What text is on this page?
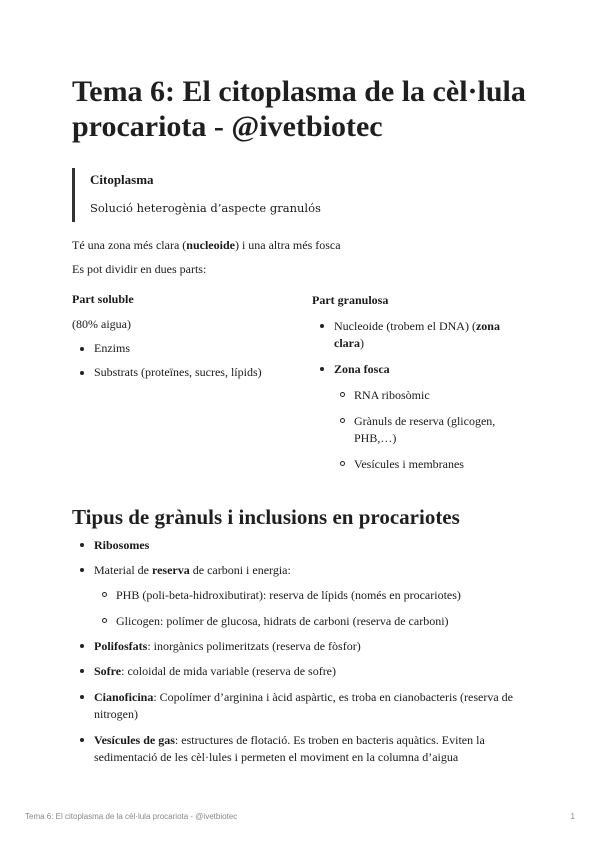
Tema 6: El citoplasma de la cèl·lula procariota - @ivetbiotec
Citoplasma
Solució heterogènia d’aspecte granulós
Té una zona més clara (nucleoide) i una altra més fosca
Es pot dividir en dues parts:
Part soluble
(80% aigua)
Enzims
Substrats (proteïnes, sucres, lípids)
Part granulosa
Nucleoide (trobem el DNA) (zona clara)
Zona fosca
RNA ribosòmic
Grànuls de reserva (glicogen, PHB,…)
Vesícules i membranes
Tipus de grànuls i inclusions en procariotes
Ribosomes
Material de reserva de carboni i energia:
PHB (poli-beta-hidroxibutirat): reserva de lípids (només en procariotes)
Glicogen: polímer de glucosa, hidrats de carboni (reserva de carboni)
Polifosfats: inorgànics polimeritzats (reserva de fòsfor)
Sofre: coloidal de mida variable (reserva de sofre)
Cianoficina: Copolímer d’arginina i àcid aspàrtic, es troba en cianobacteris (reserva de nitrogen)
Vesícules de gas: estructures de flotació. Es troben en bacteris aquàtics. Eviten la sedimentació de les cèl·lules i permeten el moviment en la columna d’aigua
Tema 6: El citoplasma de la cèl·lula procariota - @ivetbiotec	1
